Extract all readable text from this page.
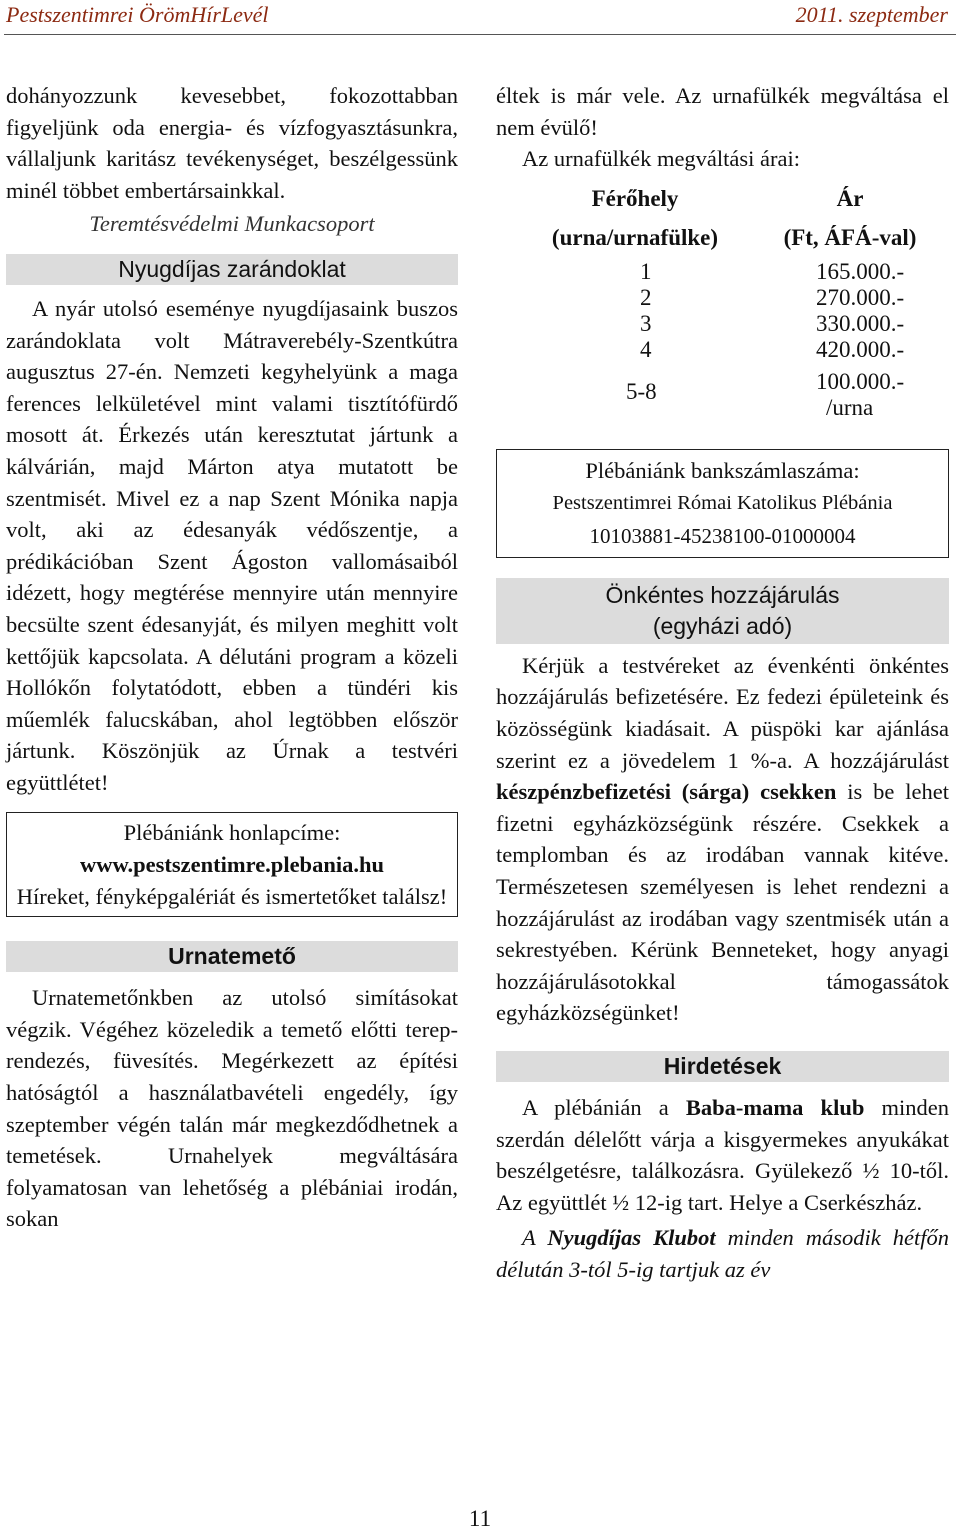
Pestszentimrei ÖrömHírLevél	2011. szeptember

dohányozzunk kevesebbet, fokozottabban figyeljünk oda energia- és vízfogyasztásunkra, vállaljunk karitász tevékenységet, beszélgessünk minél többet embertársainkkal.

Teremtésvédelmi Munkacsoport

Nyugdíjas zarándoklat

A nyár utolsó eseménye nyugdíjasaink buszos zarándoklata volt Mátraverebély-Szentkútra augusztus 27-én. Nemzeti kegyhelyünk a maga ferences lelkületével mint valami tisztítófürdő mosott át. Érkezés után keresztutat jártunk a kálvárián, majd Márton atya mutatott be szentmisét. Mivel ez a nap Szent Mónika napja volt, aki az édesanyák védőszentje, a prédikációban Szent Ágoston vallomásaiból idézett, hogy megtérése mennyire után mennyire becsülte szent édesanyját, és milyen meghitt volt kettőjük kapcsolata. A délutáni program a közeli Hollókőn folytatódott, ebben a tündéri kis műemlék falucskában, ahol legtöbben először jártunk. Köszönjük az Úrnak a testvéri együttlétet!

Plébániánk honlapcíme:
www.pestszentimre.plebania.hu
Híreket, fényképgalériát és ismertetőket találsz!
Urnatemető

Urnatemetőnkben az utolsó simításokat végzik. Végéhez közeledik a temető előtti terep-rendezés, füvesítés. Megérkezett az építési hatóságtól a használatbavételi engedély, így szeptember végén talán már megkezdődhetnek a temetések. Urnahelyek megváltására folyamatosan van lehetőség a plébániai irodán, sokan

éltek is már vele. Az urnafülkék megváltása el nem évülő!

Az urnafülkék megváltási árai:

Férőhely	Ár
(urna/urnafülke)	(Ft, ÁFÁ-val)

1	165.000.-
2	270.000.-
3	330.000.-
4	420.000.-
5-8	100.000.-
/urna
Plébániánk bankszámlaszáma:
Pestszentimrei Római Katolikus Plébánia
10103881-45238100-01000004
Önkéntes hozzájárulás
(egyházi adó)

Kérjük a testvéreket az évenkénti önkéntes hozzájárulás befizetésére. Ez fedezi épületeink és közösségünk kiadásait. A püspöki kar ajánlása szerint ez a jövedelem 1 %-a. A hozzájárulást készpénzbefizetési (sárga) csekken is be lehet fizetni egyházközségünk részére. Csekkek a templomban és az irodában vannak kitéve. Természetesen személyesen is lehet rendezni a hozzájárulást az irodában vagy szentmisék után a sekrestyében. Kérünk Benneteket, hogy anyagi hozzájárulásotokkal támogassátok egyházközségünket!

Hirdetések

A plébánián a Baba-mama klub minden szerdán délelőtt várja a kisgyermekes anyukákat beszélgetésre, találkozásra. Gyülekező ½ 10-től. Az együttlét ½ 12-ig tart. Helye a Cserkészház.

A Nyugdíjas Klubot minden második hétfőn délután 3-tól 5-ig tartjuk az év

11
